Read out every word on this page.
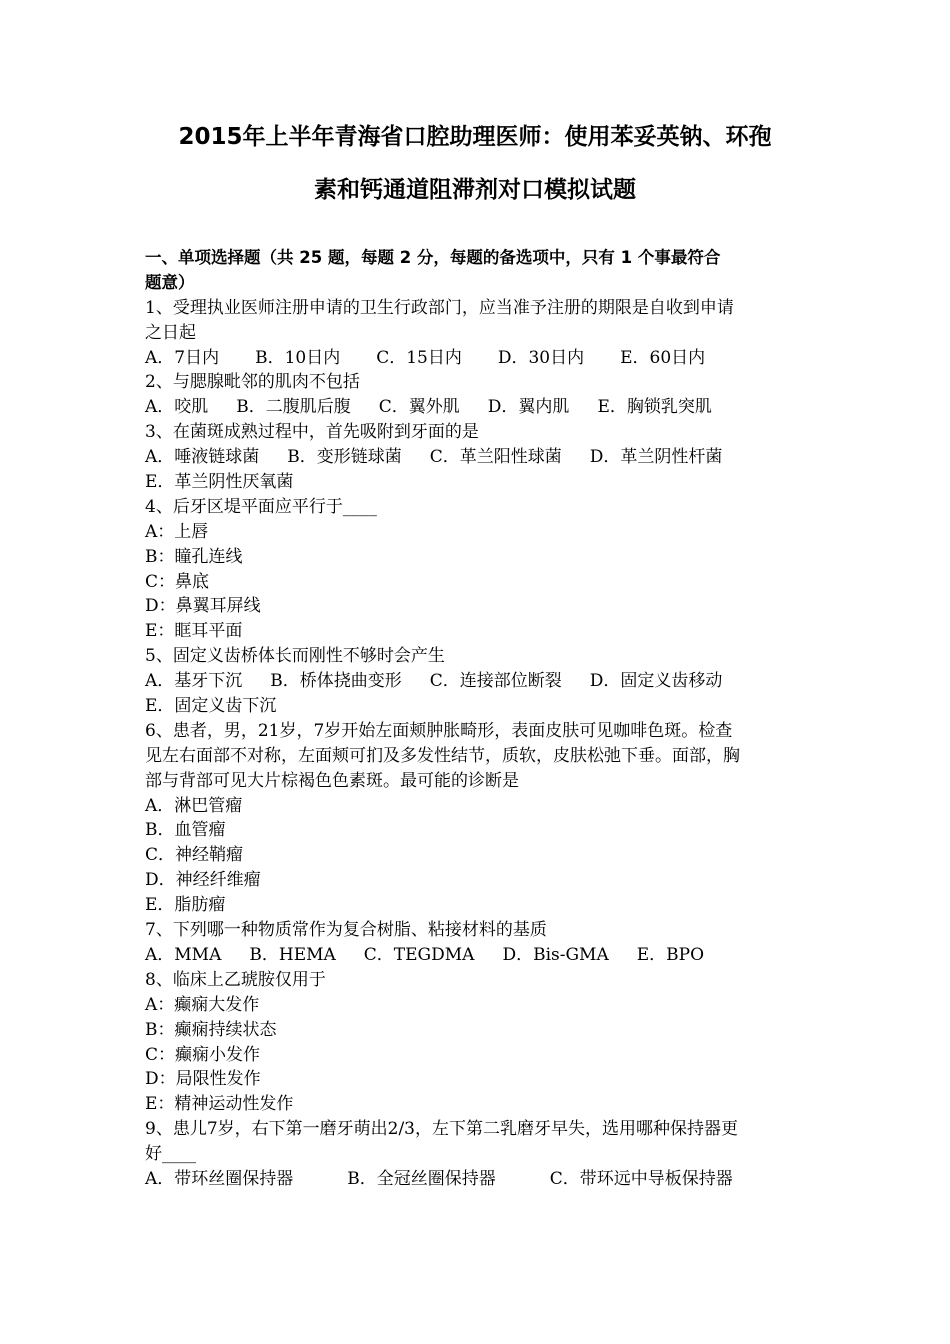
2015年上半年青海省口腔助理医师：使用苯妥英钠、环孢
素和钙通道阻滞剂对口模拟试题
一、单项选择题（共 25 题，每题 2 分，每题的备选项中，只有 1 个事最符合
题意）
1、受理执业医师注册申请的卫生行政部门，应当准予注册的期限是自收到申请
之日起
A．7日内 B．10日内 C．15日内 D．30日内 E．60日内
2、与腮腺毗邻的肌肉不包括
A．咬肌 B．二腹肌后腹 C．翼外肌 D．翼内肌 E．胸锁乳突肌
3、在菌斑成熟过程中，首先吸附到牙面的是
A．唾液链球菌 B．变形链球菌 C．革兰阳性球菌 D．革兰阴性杆菌
E．革兰阴性厌氧菌
4、后牙区堤平面应平行于____
A：上唇
B：瞳孔连线
C：鼻底
D：鼻翼耳屏线
E：眶耳平面
5、固定义齿桥体长而刚性不够时会产生
A．基牙下沉 B．桥体挠曲变形 C．连接部位断裂 D．固定义齿移动
E．固定义齿下沉
6、患者，男，21岁，7岁开始左面颊肿胀畸形，表面皮肤可见咖啡色斑。检查
见左右面部不对称，左面颊可扪及多发性结节，质软，皮肤松弛下垂。面部，胸
部与背部可见大片棕褐色色素斑。最可能的诊断是
A．淋巴管瘤
B．血管瘤
C．神经鞘瘤
D．神经纤维瘤
E．脂肪瘤
7、下列哪一种物质常作为复合树脂、粘接材料的基质
A．MMA B．HEMA C．TEGDMA D．Bis-GMA E．BPO
8、临床上乙琥胺仅用于
A：癫痫大发作
B：癫痫持续状态
C：癫痫小发作
D：局限性发作
E：精神运动性发作
9、患儿7岁，右下第一磨牙萌出2/3，左下第二乳磨牙早失，选用哪种保持器更
好____
A．带环丝圈保持器	B．全冠丝圈保持器	C．带环远中导板保持器
